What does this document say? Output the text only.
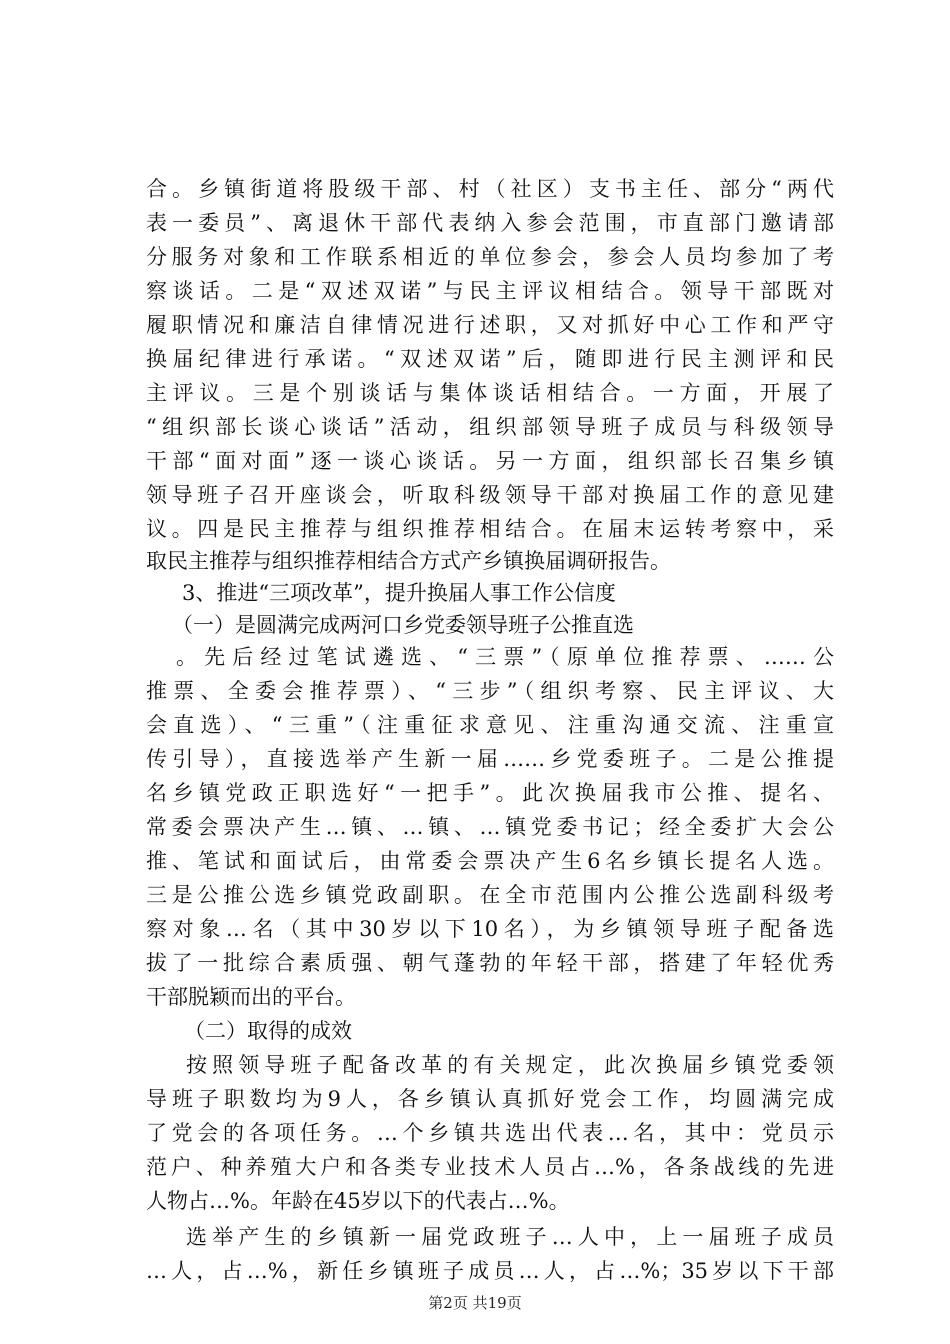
合。乡镇街道将股级干部、村（社区）支书主任、部分“两代
表一委员”、离退休干部代表纳入参会范围，市直部门邀请部
分服务对象和工作联系相近的单位参会，参会人员均参加了考
察谈话。二是“双述双诺”与民主评议相结合。领导干部既对
履职情况和廉洁自律情况进行述职，又对抓好中心工作和严守
换届纪律进行承诺。“双述双诺”后，随即进行民主测评和民
主评议。三是个别谈话与集体谈话相结合。一方面，开展了
“组织部长谈心谈话”活动，组织部领导班子成员与科级领导
干部“面对面”逐一谈心谈话。另一方面，组织部长召集乡镇
领导班子召开座谈会，听取科级领导干部对换届工作的意见建
议。四是民主推荐与组织推荐相结合。在届末运转考察中，采
取民主推荐与组织推荐相结合方式产乡镇换届调研报告。
3、推进“三项改革”，提升换届人事工作公信度
（一）是圆满完成两河口乡党委领导班子公推直选
。先后经过笔试遴选、“三票”（原单位推荐票、……公
推票、全委会推荐票）、“三步”（组织考察、民主评议、大
会直选）、“三重”（注重征求意见、注重沟通交流、注重宣
传引导），直接选举产生新一届……乡党委班子。二是公推提
名乡镇党政正职选好“一把手”。此次换届我市公推、提名、
常委会票决产生…镇、…镇、…镇党委书记；经全委扩大会公
推、笔试和面试后，由常委会票决产生6名乡镇长提名人选。
三是公推公选乡镇党政副职。在全市范围内公推公选副科级考
察对象…名（其中30岁以下10名），为乡镇领导班子配备选
拔了一批综合素质强、朝气蓬勃的年轻干部，搭建了年轻优秀
干部脱颖而出的平台。
（二）取得的成效
按照领导班子配备改革的有关规定，此次换届乡镇党委领
导班子职数均为9人，各乡镇认真抓好党会工作，均圆满完成
了党会的各项任务。…个乡镇共选出代表…名，其中：党员示
范户、种养殖大户和各类专业技术人员占…%，各条战线的先进
人物占…%。年龄在45岁以下的代表占…%。
选举产生的乡镇新一届党政班子…人中，上一届班子成员
…人，占…%，新任乡镇班子成员…人，占…%；35岁以下干部
第2页 共19页
